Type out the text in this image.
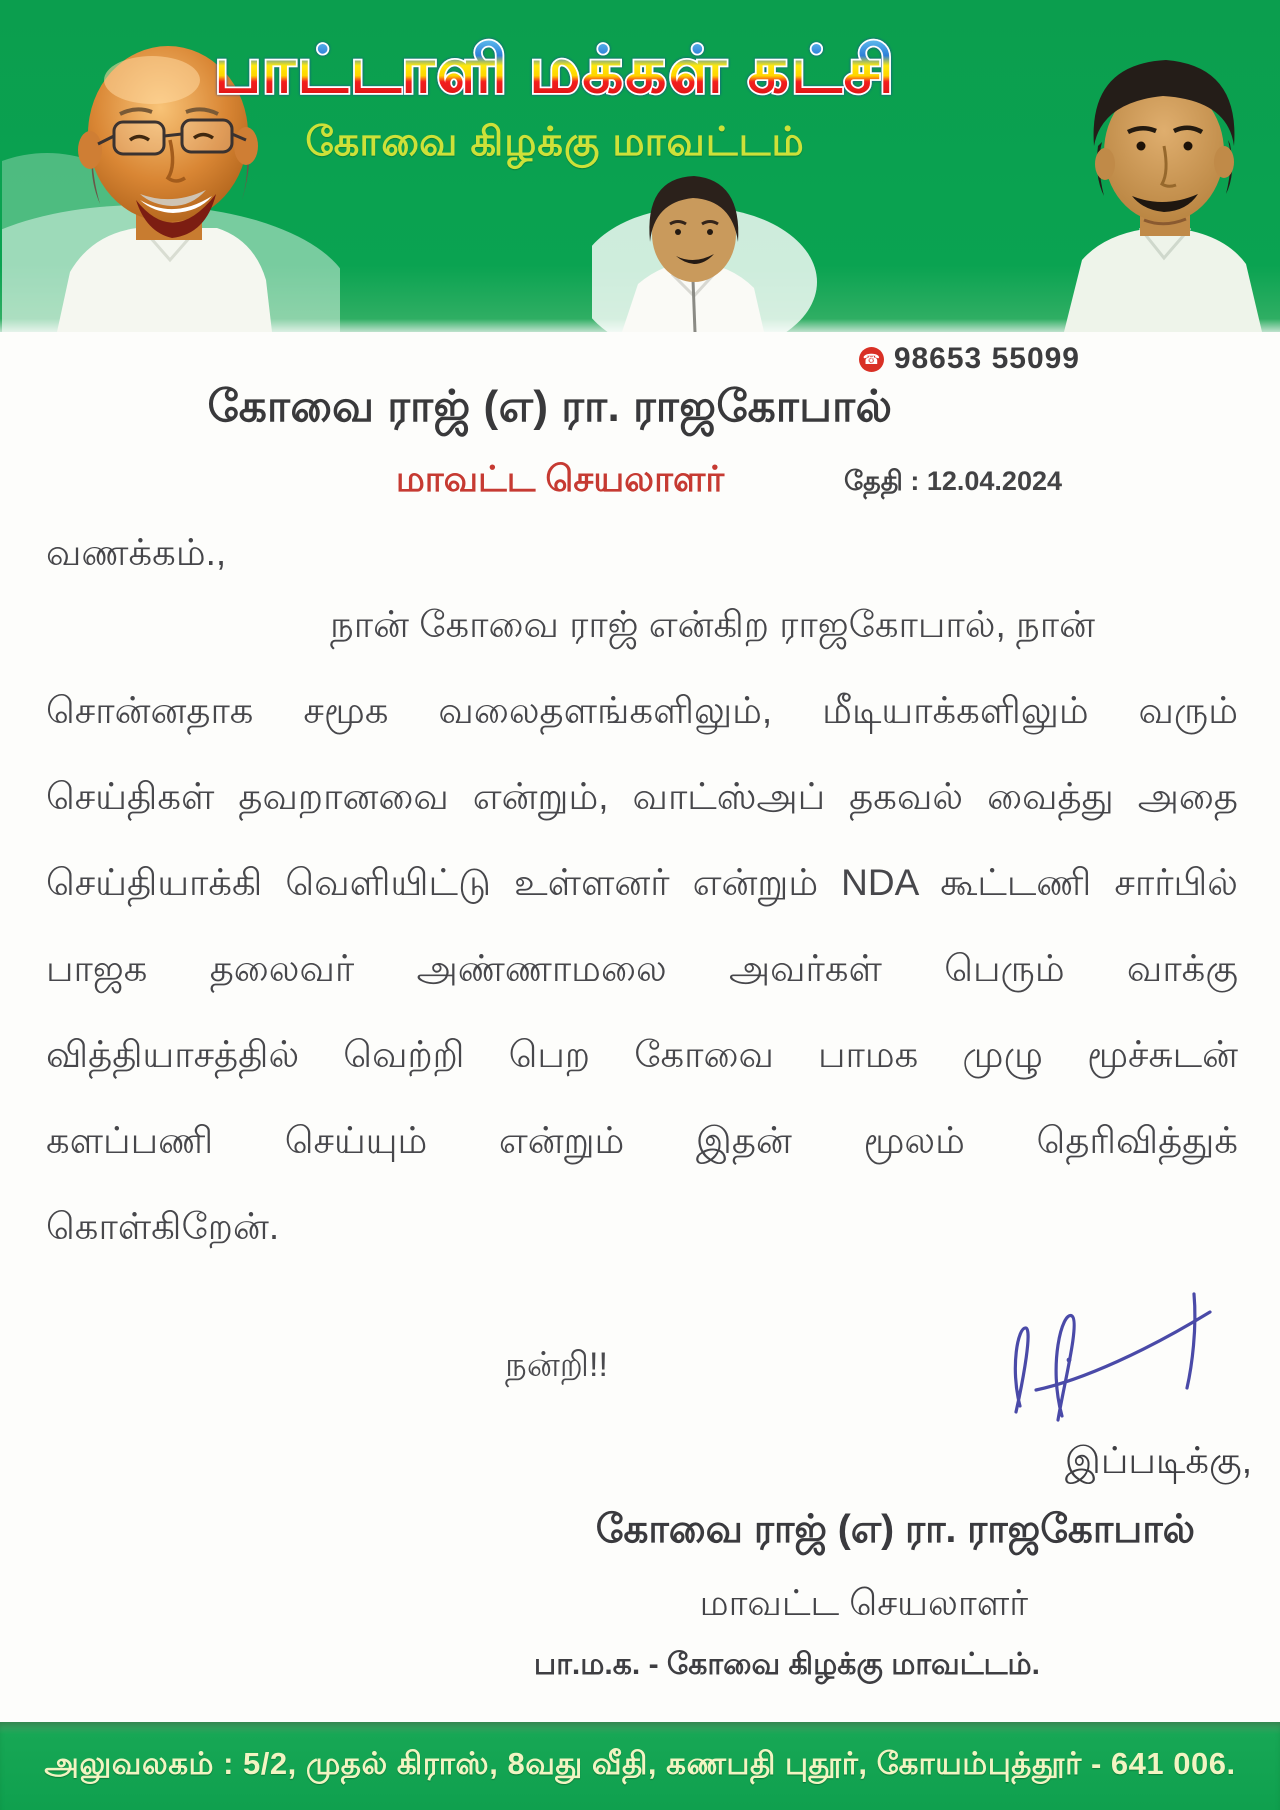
பாட்டாளி மக்கள் கட்சி
கோவை கிழக்கு மாவட்டம்
☎ 98653 55099
கோவை ராஜ் (எ) ரா. ராஜகோபால்
மாவட்ட செயலாளர்	தேதி : 12.04.2024
வணக்கம்.,

நான் கோவை ராஜ் என்கிற ராஜகோபால், நான்

சொன்னதாக சமூக வலைதளங்களிலும், மீடியாக்களிலும் வரும்

செய்திகள் தவறானவை என்றும், வாட்ஸ்அப் தகவல் வைத்து அதை

செய்தியாக்கி வெளியிட்டு உள்ளனர் என்றும் NDA கூட்டணி சார்பில்

பாஜக தலைவர் அண்ணாமலை அவர்கள் பெரும் வாக்கு

வித்தியாசத்தில் வெற்றி பெற கோவை பாமக முழு மூச்சுடன்

களப்பணி செய்யும் என்றும் இதன் மூலம் தெரிவித்துக்

கொள்கிறேன்.

நன்றி!!
இப்படிக்கு,
கோவை ராஜ் (எ) ரா. ராஜகோபால்
மாவட்ட செயலாளர்
பா.ம.க. - கோவை கிழக்கு மாவட்டம்.
அலுவலகம் : 5/2, முதல் கிராஸ், 8வது வீதி, கணபதி புதூர், கோயம்புத்தூர் - 641 006.
